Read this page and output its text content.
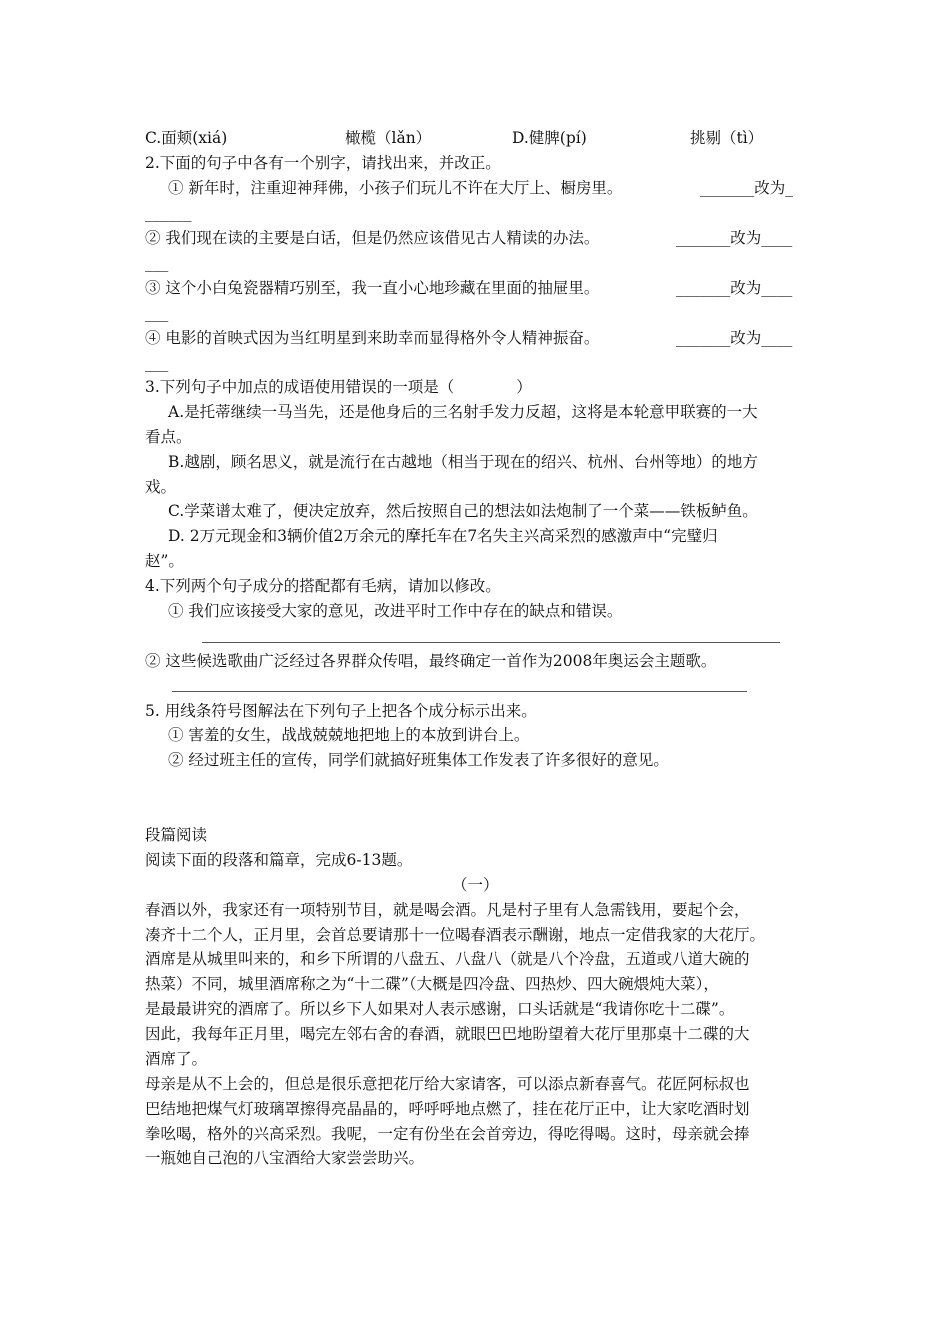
C.面颊(xiá)	橄榄（lǎn）	D.健脾(pí)	挑剔（tì）
2.下面的句子中各有一个别字，请找出来，并改正。
① 新年时，注重迎神拜佛，小孩子们玩儿不许在大厅上、橱房里。	_______改为_
______
② 我们现在读的主要是白话，但是仍然应该借见古人精读的办法。	_______改为____
___
③ 这个小白兔瓷器精巧别至，我一直小心地珍藏在里面的抽屉里。	_______改为____
___
④ 电影的首映式因为当红明星到来助幸而显得格外令人精神振奋。	_______改为____
___
3.下列句子中加点的成语使用错误的一项是（　　　　）
A.是托蒂继续一马当先，还是他身后的三名射手发力反超，这将是本轮意甲联赛的一大
看点。
B.越剧，顾名思义，就是流行在古越地（相当于现在的绍兴、杭州、台州等地）的地方
戏。
C.学菜谱太难了，便决定放弃，然后按照自己的想法如法炮制了一个菜——铁板鲈鱼。
D. 2万元现金和3辆价值2万余元的摩托车在7名失主兴高采烈的感激声中“完璧归
赵”。
4.下列两个句子成分的搭配都有毛病，请加以修改。
① 我们应该接受大家的意见，改进平时工作中存在的缺点和错误。
② 这些候选歌曲广泛经过各界群众传唱，最终确定一首作为2008年奥运会主题歌。
5. 用线条符号图解法在下列句子上把各个成分标示出来。
① 害羞的女生，战战兢兢地把地上的本放到讲台上。
② 经过班主任的宣传，同学们就搞好班集体工作发表了许多很好的意见。
段篇阅读
阅读下面的段落和篇章，完成6-13题。
（一）
春酒以外，我家还有一项特别节目，就是喝会酒。凡是村子里有人急需钱用，要起个会，
凑齐十二个人，正月里，会首总要请那十一位喝春酒表示酬谢，地点一定借我家的大花厅。
酒席是从城里叫来的，和乡下所谓的八盘五、八盘八（就是八个冷盘，五道或八道大碗的
热菜）不同，城里酒席称之为“十二碟”（大概是四冷盘、四热炒、四大碗煨炖大菜），
是最最讲究的酒席了。所以乡下人如果对人表示感谢，口头话就是“我请你吃十二碟”。
因此，我每年正月里，喝完左邻右舍的春酒，就眼巴巴地盼望着大花厅里那桌十二碟的大
酒席了。
母亲是从不上会的，但总是很乐意把花厅给大家请客，可以添点新春喜气。花匠阿标叔也
巴结地把煤气灯玻璃罩擦得亮晶晶的，呼呼呼地点燃了，挂在花厅正中，让大家吃酒时划
拳吆喝，格外的兴高采烈。我呢，一定有份坐在会首旁边，得吃得喝。这时，母亲就会捧
一瓶她自己泡的八宝酒给大家尝尝助兴。
